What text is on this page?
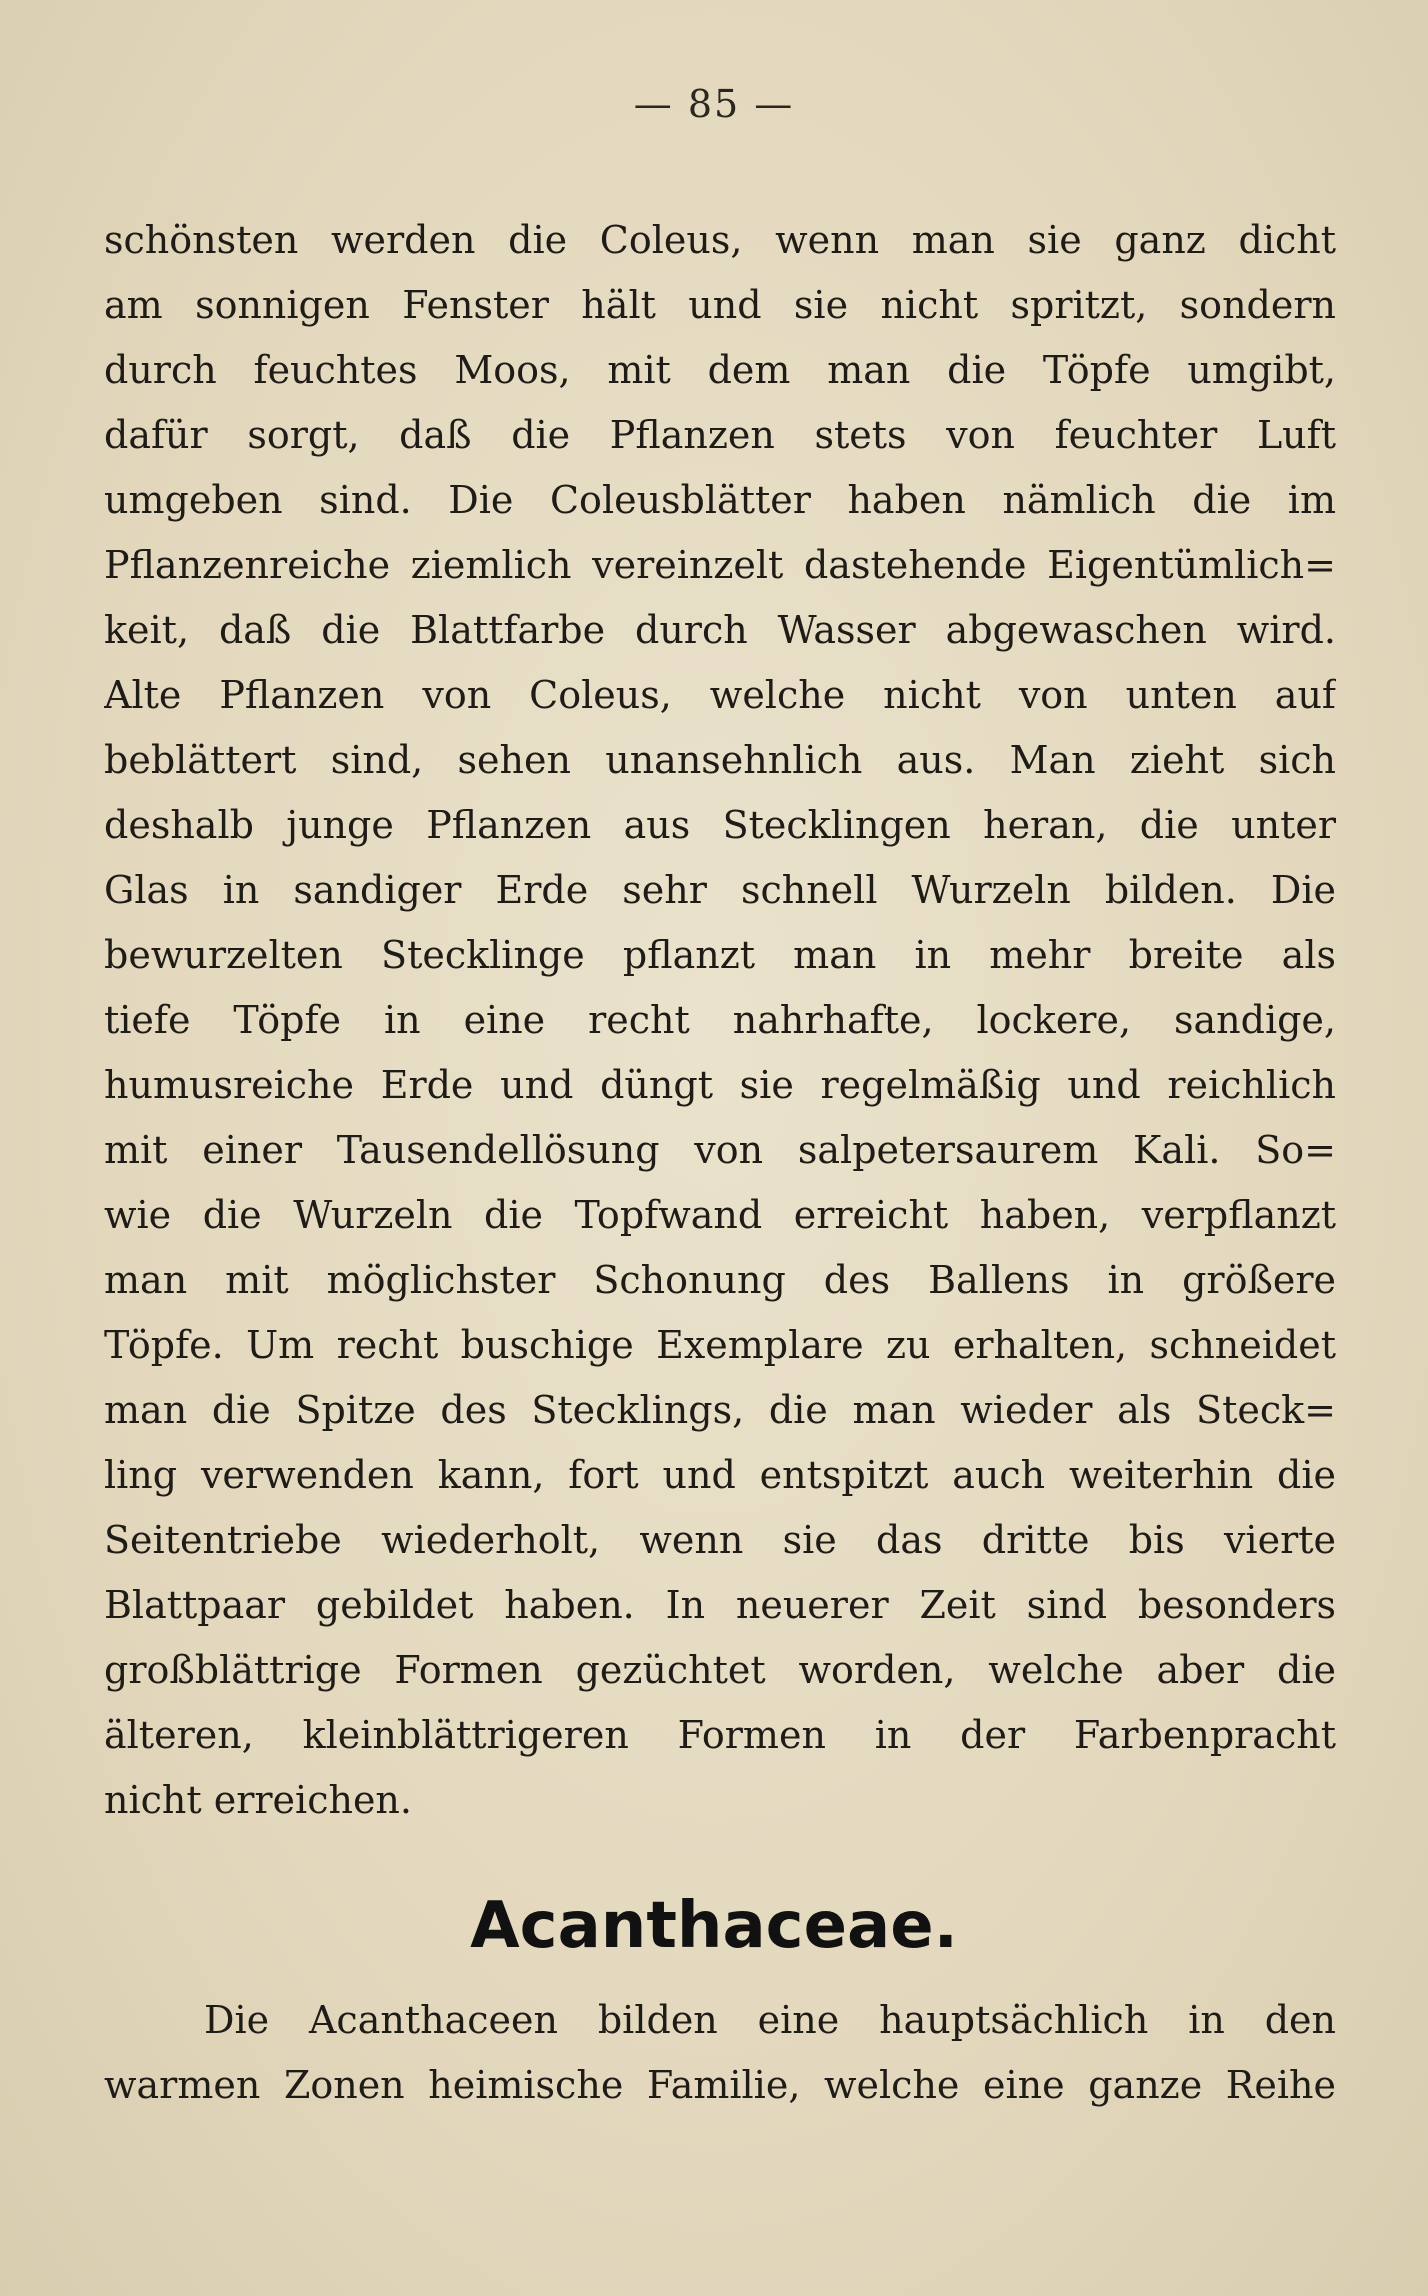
— 85 —
schönsten werden die Coleus, wenn man sie ganz dicht
am sonnigen Fenster hält und sie nicht spritzt, sondern
durch feuchtes Moos, mit dem man die Töpfe umgibt,
dafür sorgt, daß die Pflanzen stets von feuchter Luft
umgeben sind. Die Coleusblätter haben nämlich die im
Pflanzenreiche ziemlich vereinzelt dastehende Eigentümlich=
keit, daß die Blattfarbe durch Wasser abgewaschen wird.
Alte Pflanzen von Coleus, welche nicht von unten auf
beblättert sind, sehen unansehnlich aus. Man zieht sich
deshalb junge Pflanzen aus Stecklingen heran, die unter
Glas in sandiger Erde sehr schnell Wurzeln bilden. Die
bewurzelten Stecklinge pflanzt man in mehr breite als
tiefe Töpfe in eine recht nahrhafte, lockere, sandige,
humusreiche Erde und düngt sie regelmäßig und reichlich
mit einer Tausendellösung von salpetersaurem Kali. So=
wie die Wurzeln die Topfwand erreicht haben, verpflanzt
man mit möglichster Schonung des Ballens in größere
Töpfe. Um recht buschige Exemplare zu erhalten, schneidet
man die Spitze des Stecklings, die man wieder als Steck=
ling verwenden kann, fort und entspitzt auch weiterhin die
Seitentriebe wiederholt, wenn sie das dritte bis vierte
Blattpaar gebildet haben. In neuerer Zeit sind besonders
großblättrige Formen gezüchtet worden, welche aber die
älteren, kleinblättrigeren Formen in der Farbenpracht
nicht erreichen.
Acanthaceae.
Die Acanthaceen bilden eine hauptsächlich in den
warmen Zonen heimische Familie, welche eine ganze Reihe
